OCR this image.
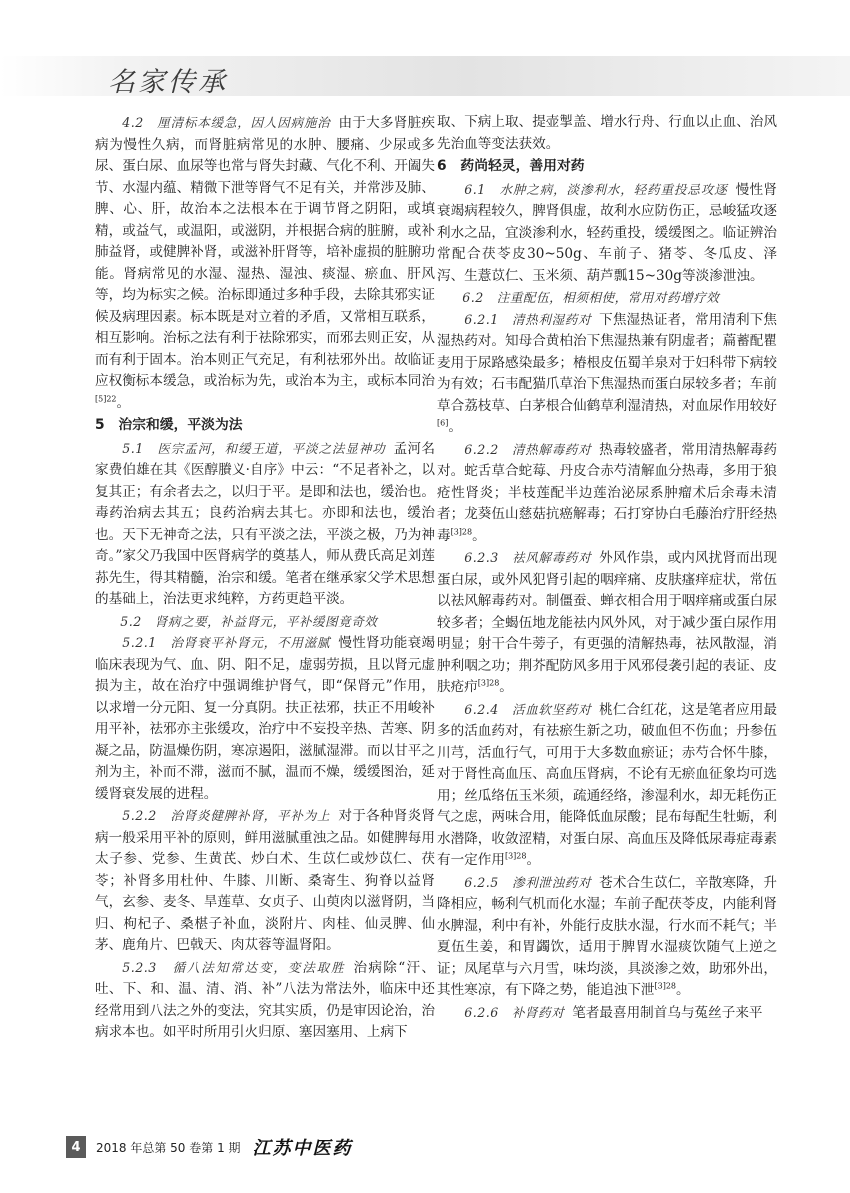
名家传承

4.2　厘清标本缓急，因人因病施治 由于大多肾脏疾病为慢性久病，而肾脏病常见的水肿、腰痛、少尿或多尿、蛋白尿、血尿等也常与肾失封藏、气化不利、开阖失节、水湿内蕴、精微下泄等肾气不足有关，并常涉及肺、脾、心、肝，故治本之法根本在于调节肾之阴阳，或填精，或益气，或温阳，或滋阴，并根据合病的脏腑，或补肺益肾，或健脾补肾，或滋补肝肾等，培补虚损的脏腑功能。肾病常见的水湿、湿热、湿浊、痰湿、瘀血、肝风等，均为标实之候。治标即通过多种手段，去除其邪实证候及病理因素。标本既是对立着的矛盾，又常相互联系，相互影响。治标之法有利于祛除邪实，而邪去则正安，从而有利于固本。治本则正气充足，有利祛邪外出。故临证应权衡标本缓急，或治标为先，或治本为主，或标本同治$^{[5]22}$。

5　治宗和缓，平淡为法

5.1　医宗孟河，和缓王道，平淡之法显神功 孟河名家费伯雄在其《医醇賸义·自序》中云：“不足者补之，以复其正；有余者去之，以归于平。是即和法也，缓治也。毒药治病去其五；良药治病去其七。亦即和法也，缓治也。天下无神奇之法，只有平淡之法，平淡之极，乃为神奇。”家父乃我国中医肾病学的奠基人，师从费氏高足刘莲荪先生，得其精髓，治宗和缓。笔者在继承家父学术思想的基础上，治法更求纯粹，方药更趋平淡。

5.2　肾病之要，补益肾元，平补缓图竟奇效

5.2.1　治肾衰平补肾元，不用滋腻 慢性肾功能衰竭临床表现为气、血、阴、阳不足，虚弱劳损，且以肾元虚损为主，故在治疗中强调维护肾气，即“保肾元”作用，以求增一分元阳、复一分真阴。扶正祛邪，扶正不用峻补用平补，祛邪亦主张缓攻，治疗中不妄投辛热、苦寒、阴凝之品，防温燥伤阴，寒凉遏阳，滋腻湿滞。而以甘平之剂为主，补而不滞，滋而不腻，温而不燥，缓缓图治，延缓肾衰发展的进程。

5.2.2　治肾炎健脾补肾，平补为上 对于各种肾炎肾病一般采用平补的原则，鲜用滋腻重浊之品。如健脾每用太子参、党参、生黄芪、炒白术、生苡仁或炒苡仁、茯苓；补肾多用杜仲、牛膝、川断、桑寄生、狗脊以益肾气，玄参、麦冬、旱莲草、女贞子、山萸肉以滋肾阴，当归、枸杞子、桑椹子补血，淡附片、肉桂、仙灵脾、仙茅、鹿角片、巴戟天、肉苁蓉等温肾阳。

5.2.3　循八法知常达变，变法取胜 治病除“汗、吐、下、和、温、清、消、补”八法为常法外，临床中还经常用到八法之外的变法，究其实质，仍是审因论治，治病求本也。如平时所用引火归原、塞因塞用、上病下

取、下病上取、提壶掣盖、增水行舟、行血以止血、治风先治血等变法获效。

6　药尚轻灵，善用对药

6.1　水肿之病，淡渗利水，轻药重投忌攻逐 慢性肾衰竭病程较久，脾肾俱虚，故利水应防伤正，忌峻猛攻逐利水之品，宜淡渗利水，轻药重投，缓缓图之。临证辨治常配合茯苓皮30~50g、车前子、猪苓、冬瓜皮、泽泻、生薏苡仁、玉米须、葫芦瓢15~30g等淡渗泄浊。

6.2　注重配伍，相须相使，常用对药增疗效

6.2.1　清热利湿药对 下焦湿热证者，常用清利下焦湿热药对。知母合黄柏治下焦湿热兼有阴虚者；萹蓄配瞿麦用于尿路感染最多；椿根皮伍蜀羊泉对于妇科带下病较为有效；石韦配猫爪草治下焦湿热而蛋白尿较多者；车前草合荔枝草、白茅根合仙鹤草利湿清热，对血尿作用较好[6]。

6.2.2　清热解毒药对 热毒较盛者，常用清热解毒药对。蛇舌草合蛇莓、丹皮合赤芍清解血分热毒，多用于狼疮性肾炎；半枝莲配半边莲治泌尿系肿瘤术后余毒未清者；龙葵伍山慈菇抗癌解毒；石打穿协白毛藤治疗肝经热毒$^{[3]28}$。

6.2.3　祛风解毒药对 外风作祟，或内风扰肾而出现蛋白尿，或外风犯肾引起的咽痒痛、皮肤瘙痒症状，常伍以祛风解毒药对。制僵蚕、蝉衣相合用于咽痒痛或蛋白尿较多者；全蝎伍地龙能祛内风外风，对于减少蛋白尿作用明显；射干合牛蒡子，有更强的清解热毒，祛风散湿，消肿利咽之功；荆芥配防风多用于风邪侵袭引起的表证、皮肤疮疖$^{[3]28}$。

6.2.4　活血软坚药对 桃仁合红花，这是笔者应用最多的活血药对，有祛瘀生新之功，破血但不伤血；丹参伍川芎，活血行气，可用于大多数血瘀证；赤芍合怀牛膝，对于肾性高血压、高血压肾病，不论有无瘀血征象均可选用；丝瓜络伍玉米须，疏通经络，渗湿利水，却无耗伤正气之虑，两味合用，能降低血尿酸；昆布每配生牡蛎，利水潜降，收敛涩精，对蛋白尿、高血压及降低尿毒症毒素有一定作用$^{[3]28}$。

6.2.5　渗利泄浊药对 苍术合生苡仁，辛散寒降，升降相应，畅利气机而化水湿；车前子配茯苓皮，内能利肾水脾湿，利中有补，外能行皮肤水湿，行水而不耗气；半夏伍生姜，和胃蠲饮，适用于脾胃水湿痰饮随气上逆之证；凤尾草与六月雪，味均淡，具淡渗之效，助邪外出，其性寒凉，有下降之势，能追浊下泄$^{[3]28}$。

6.2.6　补肾药对 笔者最喜用制首乌与菟丝子来平

4	2018 年总第 50 卷第 1 期 江苏中医药
